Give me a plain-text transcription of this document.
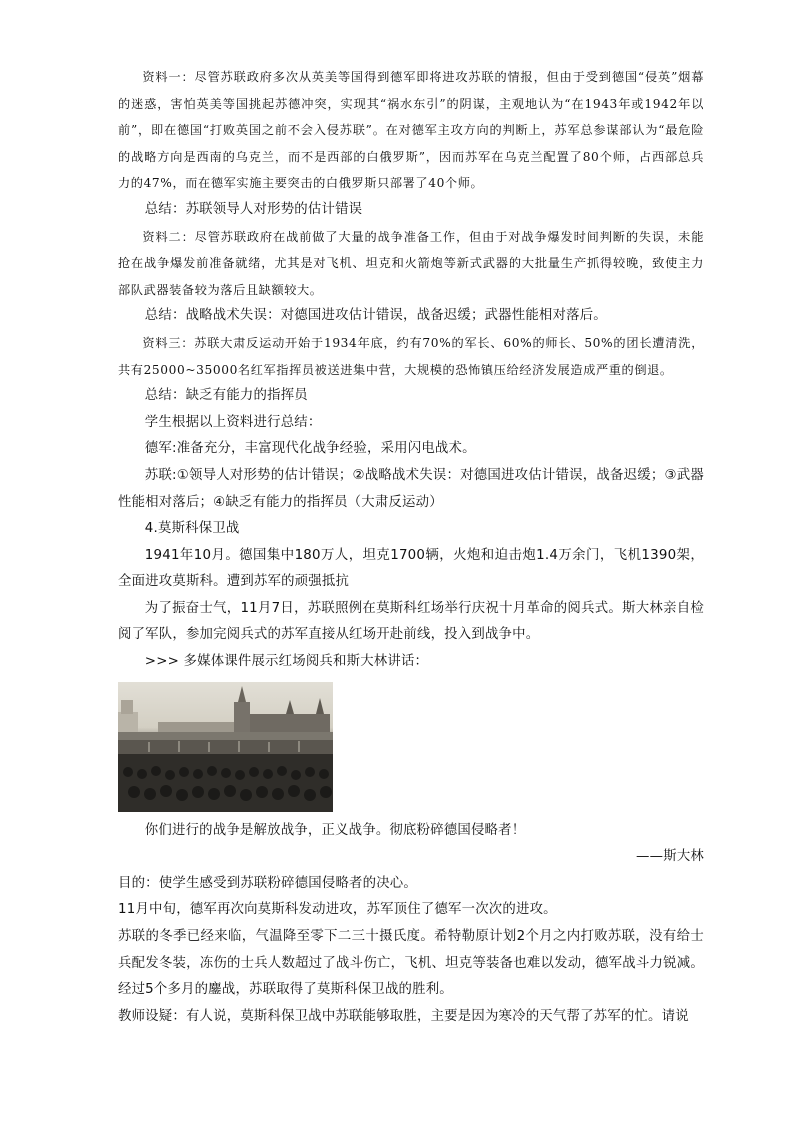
资料一：尽管苏联政府多次从英美等国得到德军即将进攻苏联的情报，但由于受到德国“侵英”烟幕的迷惑，害怕英美等国挑起苏德冲突，实现其“祸水东引”的阴谋，主观地认为“在1943年或1942年以前”，即在德国“打败英国之前不会入侵苏联”。在对德军主攻方向的判断上，苏军总参谋部认为“最危险的战略方向是西南的乌克兰，而不是西部的白俄罗斯”，因而苏军在乌克兰配置了80个师，占西部总兵力的47%，而在德军实施主要突击的白俄罗斯只部署了40个师。

总结：苏联领导人对形势的估计错误

资料二：尽管苏联政府在战前做了大量的战争准备工作，但由于对战争爆发时间判断的失误，未能抢在战争爆发前准备就绪，尤其是对飞机、坦克和火箭炮等新式武器的大批量生产抓得较晚，致使主力部队武器装备较为落后且缺额较大。

总结：战略战术失误：对德国进攻估计错误，战备迟缓；武器性能相对落后。

资料三：苏联大肃反运动开始于1934年底，约有70%的军长、60%的师长、50%的团长遭清洗，共有25000~35000名红军指挥员被送进集中营，大规模的恐怖镇压给经济发展造成严重的倒退。

总结：缺乏有能力的指挥员

学生根据以上资料进行总结：

德军:准备充分，丰富现代化战争经验，采用闪电战术。

苏联:①领导人对形势的估计错误；②战略战术失误：对德国进攻估计错误，战备迟缓；③武器性能相对落后；④缺乏有能力的指挥员（大肃反运动）

4.莫斯科保卫战

1941年10月。德国集中180万人，坦克1700辆，火炮和迫击炮1.4万余门，飞机1390架，全面进攻莫斯科。遭到苏军的顽强抵抗

为了振奋士气，11月7日，苏联照例在莫斯科红场举行庆祝十月革命的阅兵式。斯大林亲自检阅了军队，参加完阅兵式的苏军直接从红场开赴前线，投入到战争中。

>>> 多媒体课件展示红场阅兵和斯大林讲话：

你们进行的战争是解放战争，正义战争。彻底粉碎德国侵略者！

——斯大林

目的：使学生感受到苏联粉碎德国侵略者的决心。

11月中旬，德军再次向莫斯科发动进攻，苏军顶住了德军一次次的进攻。

苏联的冬季已经来临，气温降至零下二三十摄氏度。希特勒原计划2个月之内打败苏联，没有给士兵配发冬装，冻伤的士兵人数超过了战斗伤亡，飞机、坦克等装备也难以发动，德军战斗力锐减。经过5个多月的鏖战，苏联取得了莫斯科保卫战的胜利。

教师设疑：有人说，莫斯科保卫战中苏联能够取胜，主要是因为寒冷的天气帮了苏军的忙。请说
